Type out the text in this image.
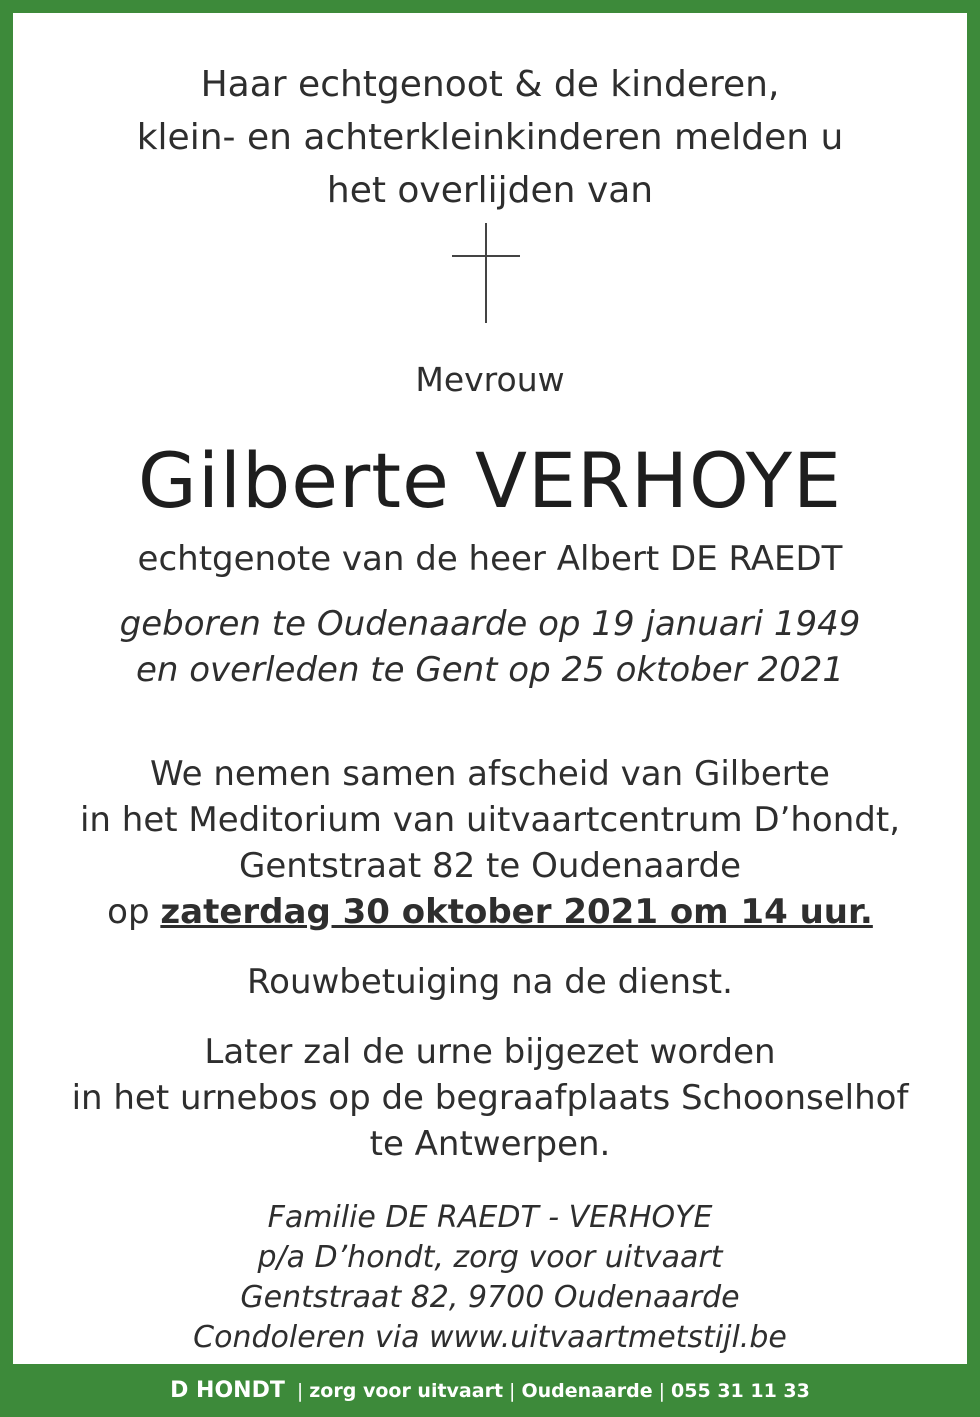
Haar echtgenoot & de kinderen,
klein- en achterkleinkinderen melden u
het overlijden van
Mevrouw
Gilberte VERHOYE
echtgenote van de heer Albert DE RAEDT
geboren te Oudenaarde op 19 januari 1949
en overleden te Gent op 25 oktober 2021
We nemen samen afscheid van Gilberte
in het Meditorium van uitvaartcentrum D’hondt,
Gentstraat 82 te Oudenaarde
op zaterdag 30 oktober 2021 om 14 uur.
Rouwbetuiging na de dienst.
Later zal de urne bijgezet worden
in het urnebos op de begraafplaats Schoonselhof
te Antwerpen.
Familie DE RAEDT - VERHOYE
p/a D’hondt, zorg voor uitvaart
Gentstraat 82, 9700 Oudenaarde
Condoleren via www.uitvaartmetstijl.be
D HONDT | zorg voor uitvaart | Oudenaarde | 055 31 11 33
